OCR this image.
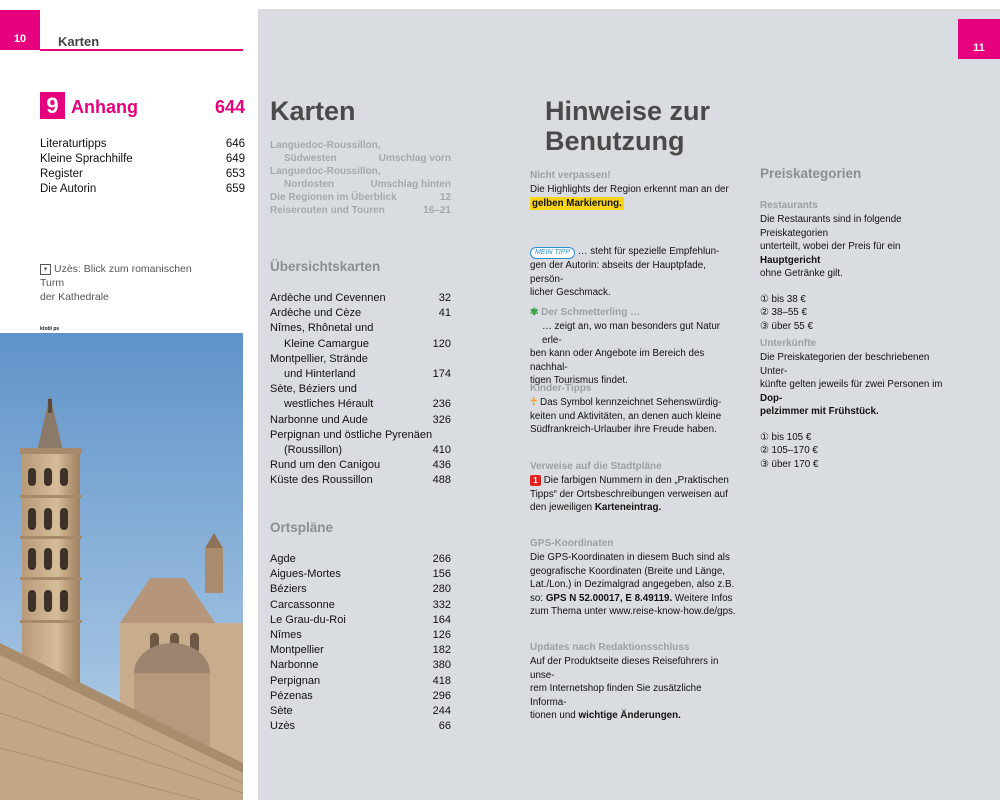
10	Karten
9 Anhang	644
Literaturtipps	646
Kleine Sprachhilfe	649
Register	653
Die Autorin	659
▾ Uzès: Blick zum romanischen Turm
der Kathedrale
ktobl ps
11
Karten
Languedoc-Roussillon,
Südwesten	Umschlag vorn
Languedoc-Roussillon,
Nordosten	Umschlag hinten
Die Regionen im Überblick	12
Reiserouten und Touren	16–21
Übersichtskarten
Ardèche und Cevennen	32
Ardèche und Cèze	41
Nîmes, Rhônetal und
Kleine Camargue	120
Montpellier, Strände
und Hinterland	174
Sète, Béziers und
westliches Hérault	236
Narbonne und Aude	326
Perpignan und östliche Pyrenäen
(Roussillon)	410
Rund um den Canigou	436
Küste des Roussillon	488
Ortspläne
Agde	266
Aigues-Mortes	156
Béziers	280
Carcassonne	332
Le Grau-du-Roi	164
Nîmes	126
Montpellier	182
Narbonne	380
Perpignan	418
Pézenas	296
Sète	244
Uzès	66
Hinweise zur
Benutzung
Nicht verpassen!
Die Highlights der Region erkennt man an der
gelben Markierung.
MEIN TIPP … steht für spezielle Empfehlun-
gen der Autorin: abseits der Hauptpfade, persön-
licher Geschmack.
✾ Der Schmetterling …
… zeigt an, wo man besonders gut Natur erle-
ben kann oder Angebote im Bereich des nachhal-
tigen Tourismus findet.
Kinder-Tipps
☥ Das Symbol kennzeichnet Sehenswürdig-
keiten und Aktivitäten, an denen auch kleine
Südfrankreich-Urlauber ihre Freude haben.
Verweise auf die Stadtpläne
1 Die farbigen Nummern in den „Praktischen
Tipps“ der Ortsbeschreibungen verweisen auf
den jeweiligen Karteneintrag.
GPS-Koordinaten
Die GPS-Koordinaten in diesem Buch sind als
geografische Koordinaten (Breite und Länge,
Lat./Lon.) in Dezimalgrad angegeben, also z.B.
so: GPS N 52.00017, E 8.49119. Weitere Infos
zum Thema unter www.reise-know-how.de/gps.
Updates nach Redaktionsschluss
Auf der Produktseite dieses Reiseführers in unse-
rem Internetshop finden Sie zusätzliche Informa-
tionen und wichtige Änderungen.
Preiskategorien
Restaurants
Die Restaurants sind in folgende Preiskategorien
unterteilt, wobei der Preis für ein Hauptgericht
ohne Getränke gilt.
① bis 38 €
② 38–55 €
③ über 55 €
Unterkünfte
Die Preiskategorien der beschriebenen Unter-
künfte gelten jeweils für zwei Personen im Dop-
pelzimmer mit Frühstück.
① bis 105 €
② 105–170 €
③ über 170 €
